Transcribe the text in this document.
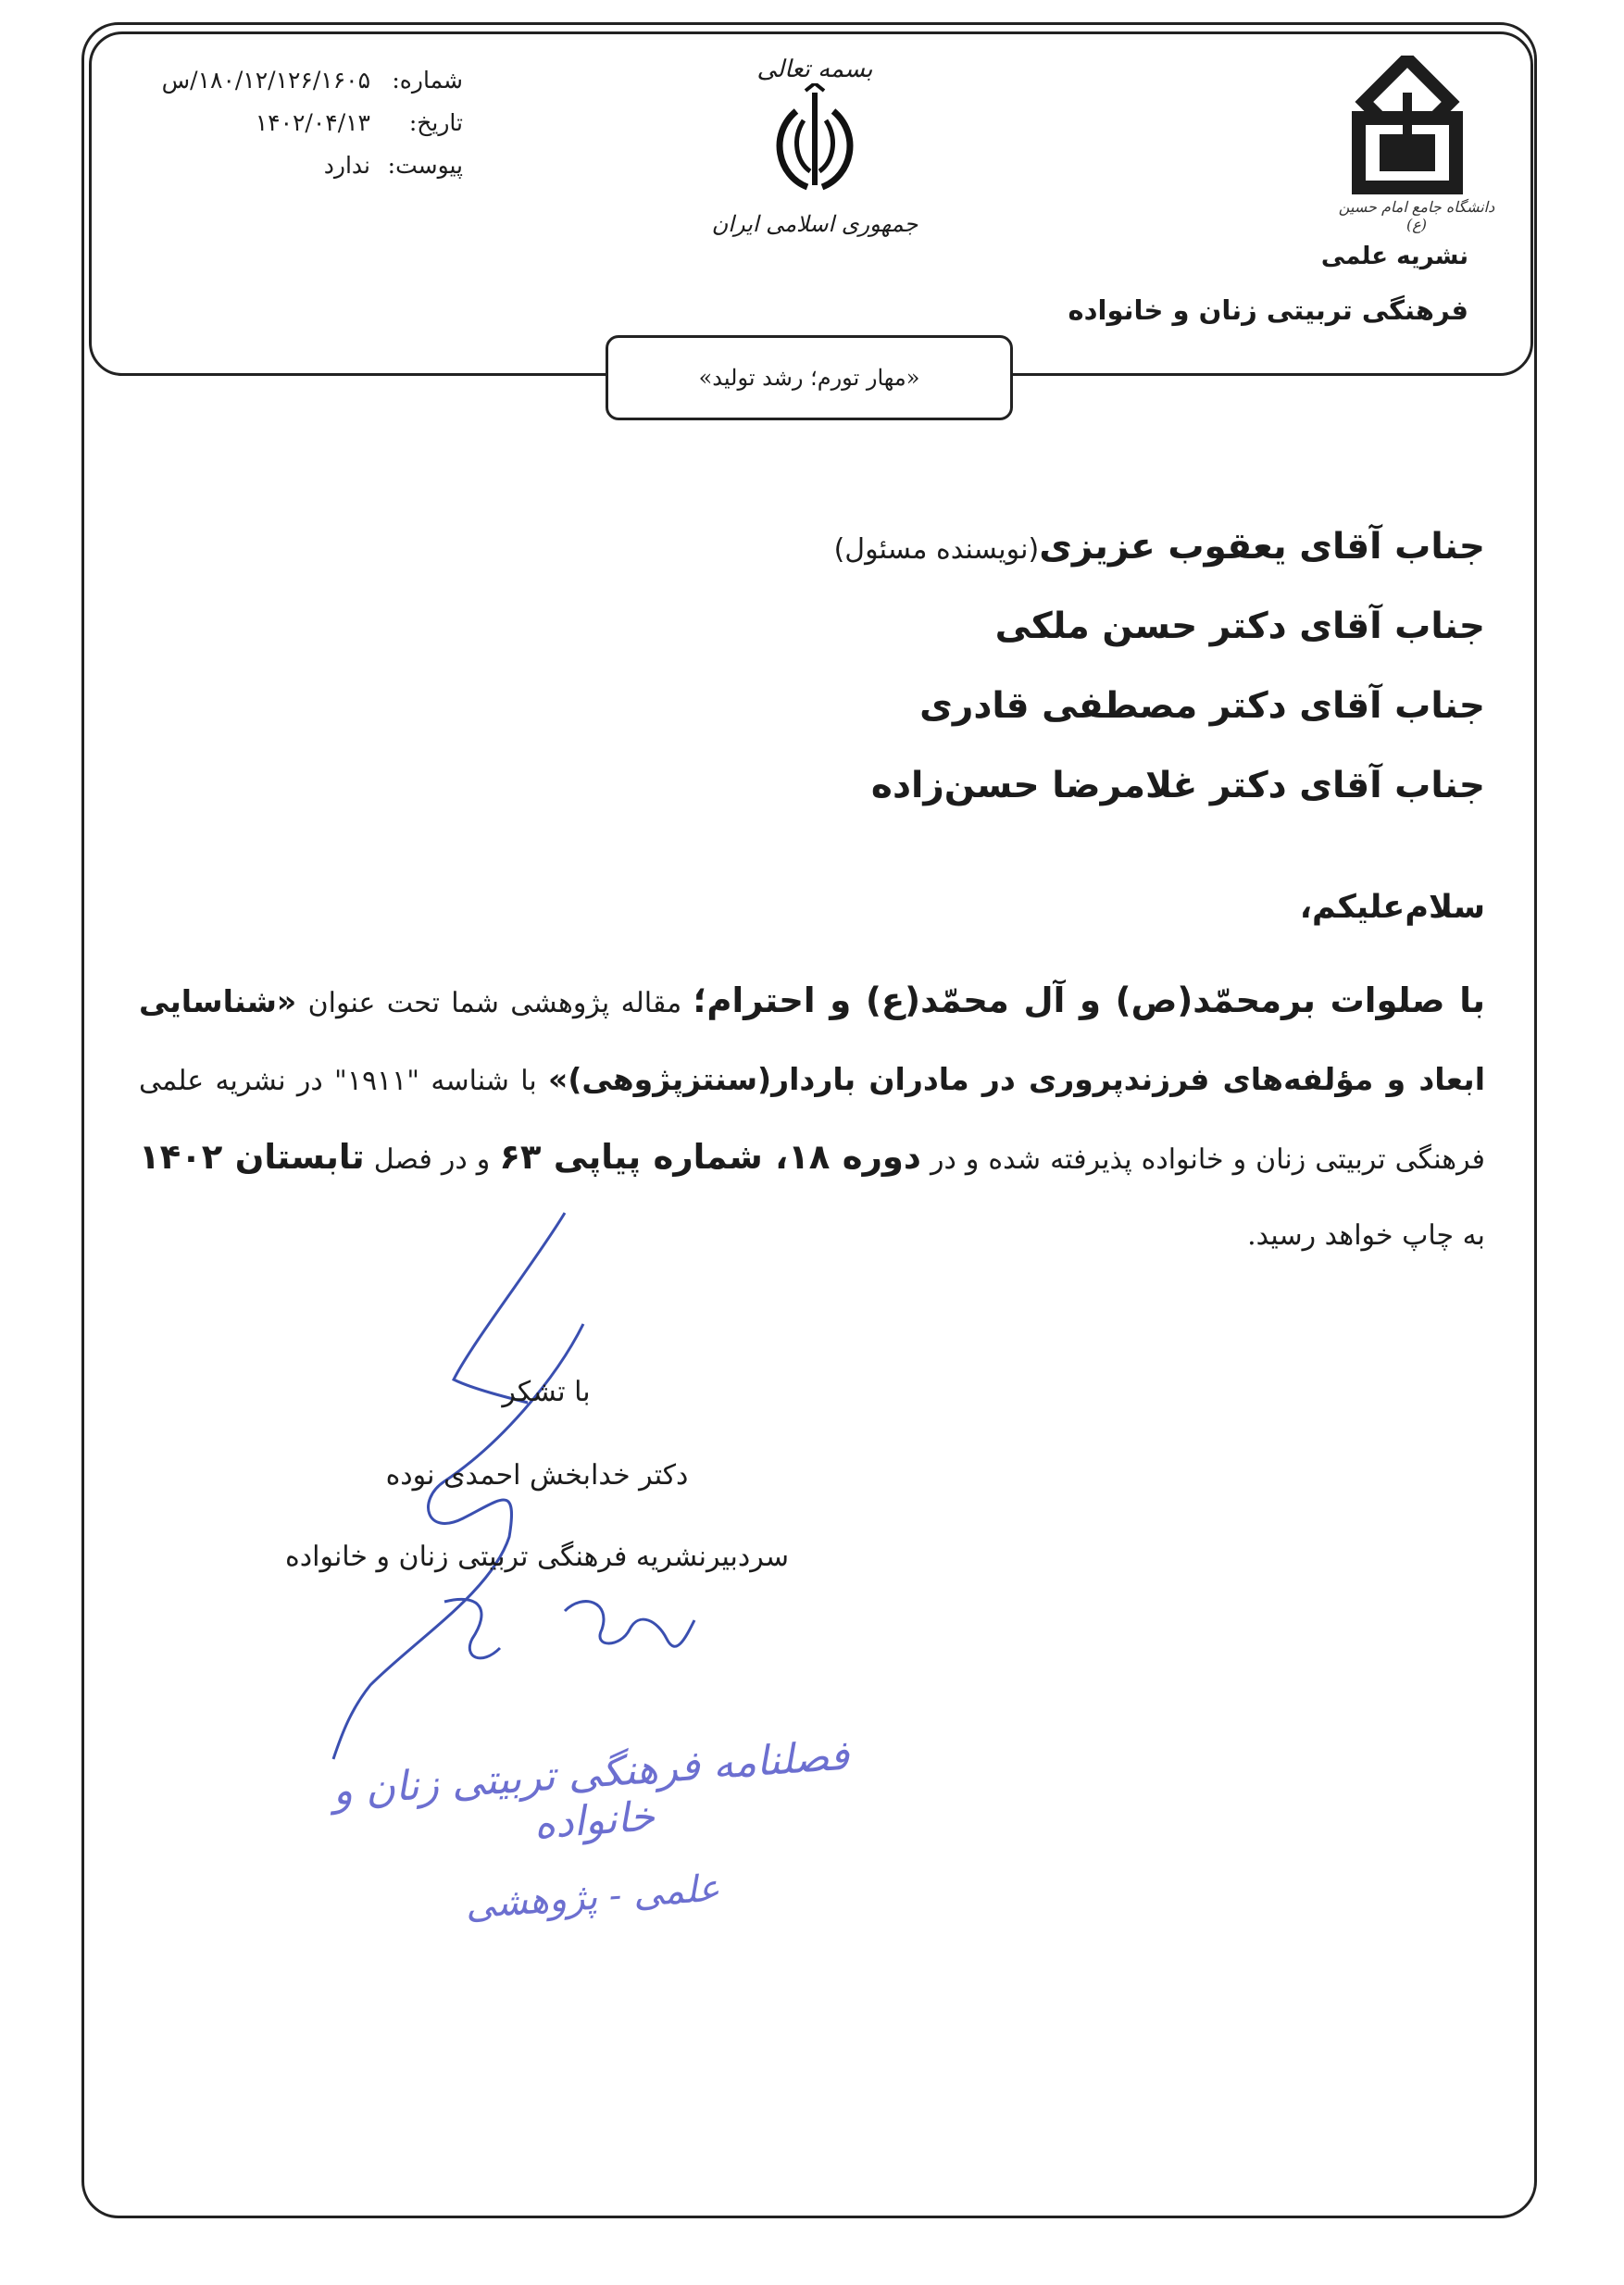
شماره:
۱۸۰/۱۲/۱۲۶/۱۶۰۵/س
تاریخ:
۱۴۰۲/۰۴/۱۳
پیوست:
ندارد
بسمه تعالی
جمهوری اسلامی ایران
دانشگاه جامع امام حسین (ع)
نشریه علمی
فرهنگی تربیتی زنان و خانواده
«مهار تورم؛ رشد تولید»
جناب آقای یعقوب عزیزی(نویسنده مسئول)
جناب آقای دکتر حسن ملکی
جناب آقای دکتر مصطفی قادری
جناب آقای دکتر غلامرضا حسن‌زاده
سلام‌علیکم،
با صلوات برمحمّد(ص) و آل محمّد(ع) و احترام؛ مقاله پژوهشی شما تحت عنوان «شناسایی ابعاد و مؤلفه‌های فرزندپروری در مادران باردار(سنتزپژوهی)» با شناسه "۱۹۱۱" در نشریه علمی فرهنگی تربیتی زنان و خانواده پذیرفته شده و در دوره ۱۸، شماره پیاپی ۶۳ و در فصل تابستان ۱۴۰۲ به چاپ خواهد رسید.
با تشکر
دکتر خدابخش احمدی نوده
سردبیرنشریه فرهنگی تربیتی زنان و خانواده
فصلنامه فرهنگی تربیتی زنان و خانواده
علمی - پژوهشی
